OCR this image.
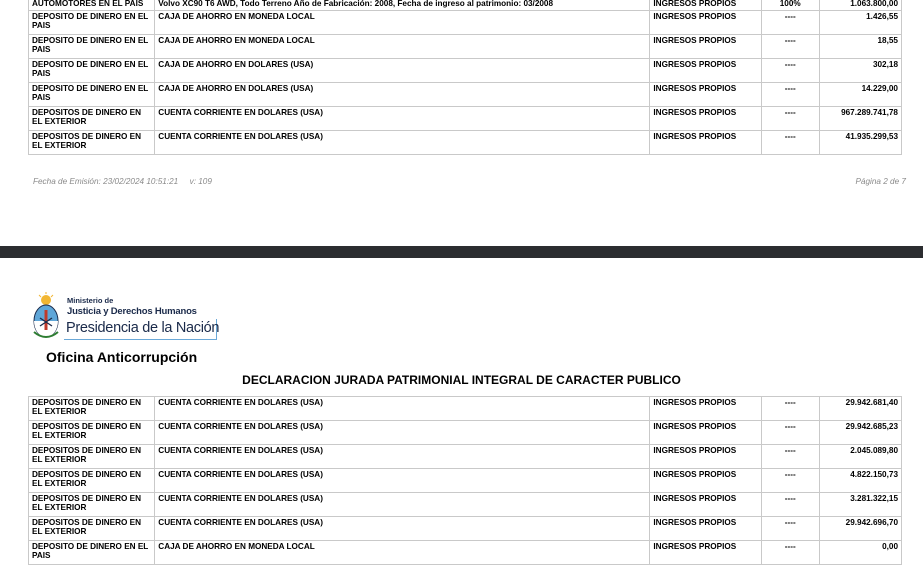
AUTOMOTORES EN EL PAIS	Volvo XC90 T6 AWD, Todo Terreno Año de Fabricación: 2008, Fecha de ingreso al patrimonio: 03/2008	INGRESOS PROPIOS	100%	1.063.800,00
DEPOSITO DE DINERO EN EL PAIS	CAJA DE AHORRO EN MONEDA LOCAL	INGRESOS PROPIOS	----	1.426,55
DEPOSITO DE DINERO EN EL PAIS	CAJA DE AHORRO EN MONEDA LOCAL	INGRESOS PROPIOS	----	18,55
DEPOSITO DE DINERO EN EL PAIS	CAJA DE AHORRO EN DOLARES (USA)	INGRESOS PROPIOS	----	302,18
DEPOSITO DE DINERO EN EL PAIS	CAJA DE AHORRO EN DOLARES (USA)	INGRESOS PROPIOS	----	14.229,00
DEPOSITOS DE DINERO EN EL EXTERIOR	CUENTA CORRIENTE EN DOLARES (USA)	INGRESOS PROPIOS	----	967.289.741,78
DEPOSITOS DE DINERO EN EL EXTERIOR	CUENTA CORRIENTE EN DOLARES (USA)	INGRESOS PROPIOS	----	41.935.299,53
Fecha de Emisión: 23/02/2024 10:51:21 v: 109	Página 2 de 7
Ministerio de
Justicia y Derechos Humanos
Presidencia de la Nación
Oficina Anticorrupción
DECLARACION JURADA PATRIMONIAL INTEGRAL DE CARACTER PUBLICO
DEPOSITOS DE DINERO EN EL EXTERIOR	CUENTA CORRIENTE EN DOLARES (USA)	INGRESOS PROPIOS	----	29.942.681,40
DEPOSITOS DE DINERO EN EL EXTERIOR	CUENTA CORRIENTE EN DOLARES (USA)	INGRESOS PROPIOS	----	29.942.685,23
DEPOSITOS DE DINERO EN EL EXTERIOR	CUENTA CORRIENTE EN DOLARES (USA)	INGRESOS PROPIOS	----	2.045.089,80
DEPOSITOS DE DINERO EN EL EXTERIOR	CUENTA CORRIENTE EN DOLARES (USA)	INGRESOS PROPIOS	----	4.822.150,73
DEPOSITOS DE DINERO EN EL EXTERIOR	CUENTA CORRIENTE EN DOLARES (USA)	INGRESOS PROPIOS	----	3.281.322,15
DEPOSITOS DE DINERO EN EL EXTERIOR	CUENTA CORRIENTE EN DOLARES (USA)	INGRESOS PROPIOS	----	29.942.696,70
DEPOSITO DE DINERO EN EL PAIS	CAJA DE AHORRO EN MONEDA LOCAL	INGRESOS PROPIOS	----	0,00
